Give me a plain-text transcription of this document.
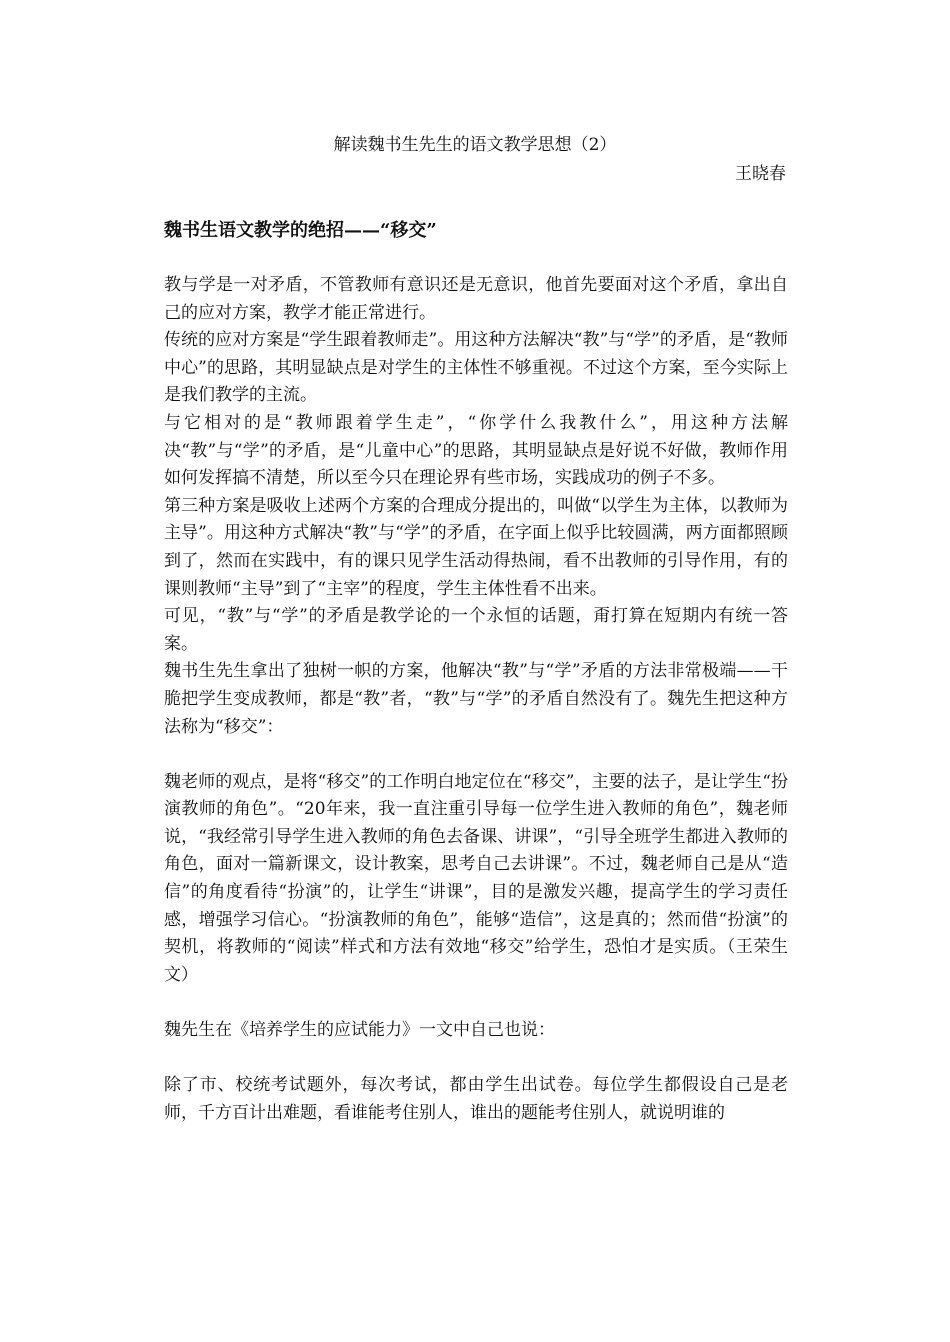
解读魏书生先生的语文教学思想（2）
王晓春
魏书生语文教学的绝招——“移交”

教与学是一对矛盾，不管教师有意识还是无意识，他首先要面对这个矛盾，拿出自己的应对方案，教学才能正常进行。

传统的应对方案是“学生跟着教师走”。用这种方法解决“教”与“学”的矛盾，是“教师中心”的思路，其明显缺点是对学生的主体性不够重视。不过这个方案，至今实际上是我们教学的主流。

与它相对的是“教师跟着学生走”，“你学什么我教什么”，用这种方法解决“教”与“学”的矛盾，是“儿童中心”的思路，其明显缺点是好说不好做，教师作用如何发挥搞不清楚，所以至今只在理论界有些市场，实践成功的例子不多。

第三种方案是吸收上述两个方案的合理成分提出的，叫做“以学生为主体，以教师为主导”。用这种方式解决“教”与“学”的矛盾，在字面上似乎比较圆满，两方面都照顾到了，然而在实践中，有的课只见学生活动得热闹，看不出教师的引导作用，有的课则教师“主导”到了“主宰”的程度，学生主体性看不出来。

可见，“教”与“学”的矛盾是教学论的一个永恒的话题，甭打算在短期内有统一答案。

魏书生先生拿出了独树一帜的方案，他解决“教”与“学”矛盾的方法非常极端——干脆把学生变成教师，都是“教”者，“教”与“学”的矛盾自然没有了。魏先生把这种方法称为“移交”：

魏老师的观点，是将“移交”的工作明白地定位在“移交”，主要的法子，是让学生“扮演教师的角色”。“20年来，我一直注重引导每一位学生进入教师的角色”，魏老师说，“我经常引导学生进入教师的角色去备课、讲课”，“引导全班学生都进入教师的角色，面对一篇新课文，设计教案，思考自己去讲课”。不过，魏老师自己是从“造信”的角度看待“扮演”的，让学生“讲课”，目的是激发兴趣，提高学生的学习责任感，增强学习信心。“扮演教师的角色”，能够“造信”，这是真的；然而借“扮演”的契机，将教师的“阅读”样式和方法有效地“移交”给学生，恐怕才是实质。（王荣生文）

魏先生在《培养学生的应试能力》一文中自己也说：

除了市、校统考试题外，每次考试，都由学生出试卷。每位学生都假设自己是老师，千方百计出难题，看谁能考住别人，谁出的题能考住别人，就说明谁的
